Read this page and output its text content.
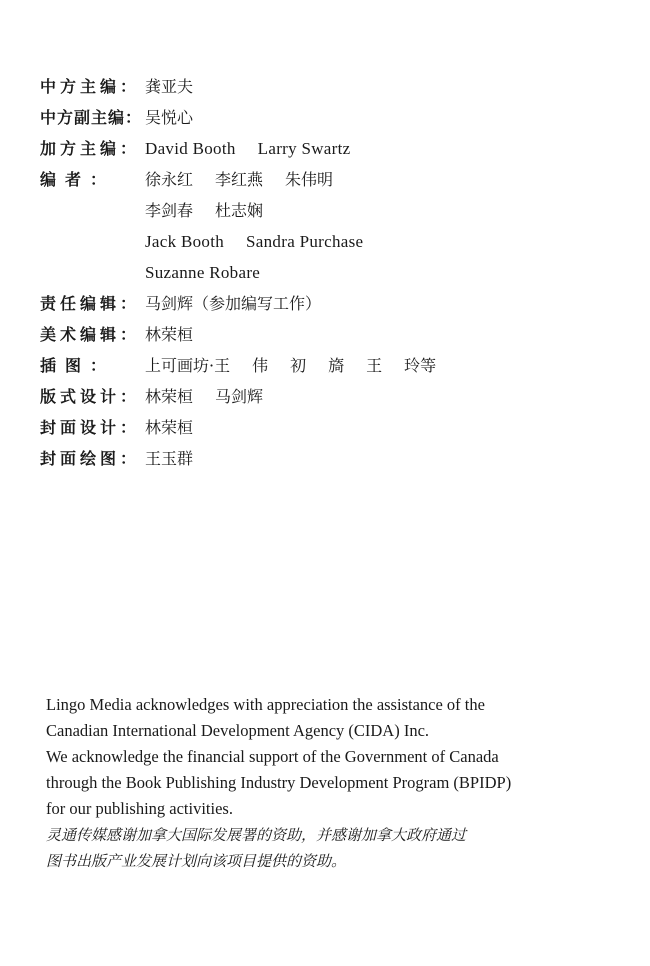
中方主编： 龚亚夫
中方副主编： 吴悦心
加方主编： David Booth Larry Swartz
编者：	徐永红 李红燕 朱伟明
李剑春 杜志娴
Jack Booth Sandra Purchase
Suzanne Robare
责任编辑： 马剑辉（参加编写工作）
美术编辑： 林荣桓
插图：	上可画坊·王 伟 初 旖 王 玲等
版式设计： 林荣桓 马剑辉
封面设计： 林荣桓
封面绘图： 王玉群
Lingo Media acknowledges with appreciation the assistance of the
Canadian International Development Agency (CIDA) Inc.
We acknowledge the financial support of the Government of Canada
through the Book Publishing Industry Development Program (BPIDP)
for our publishing activities.
灵通传媒感谢加拿大国际发展署的资助，并感谢加拿大政府通过
图书出版产业发展计划向该项目提供的资助。
